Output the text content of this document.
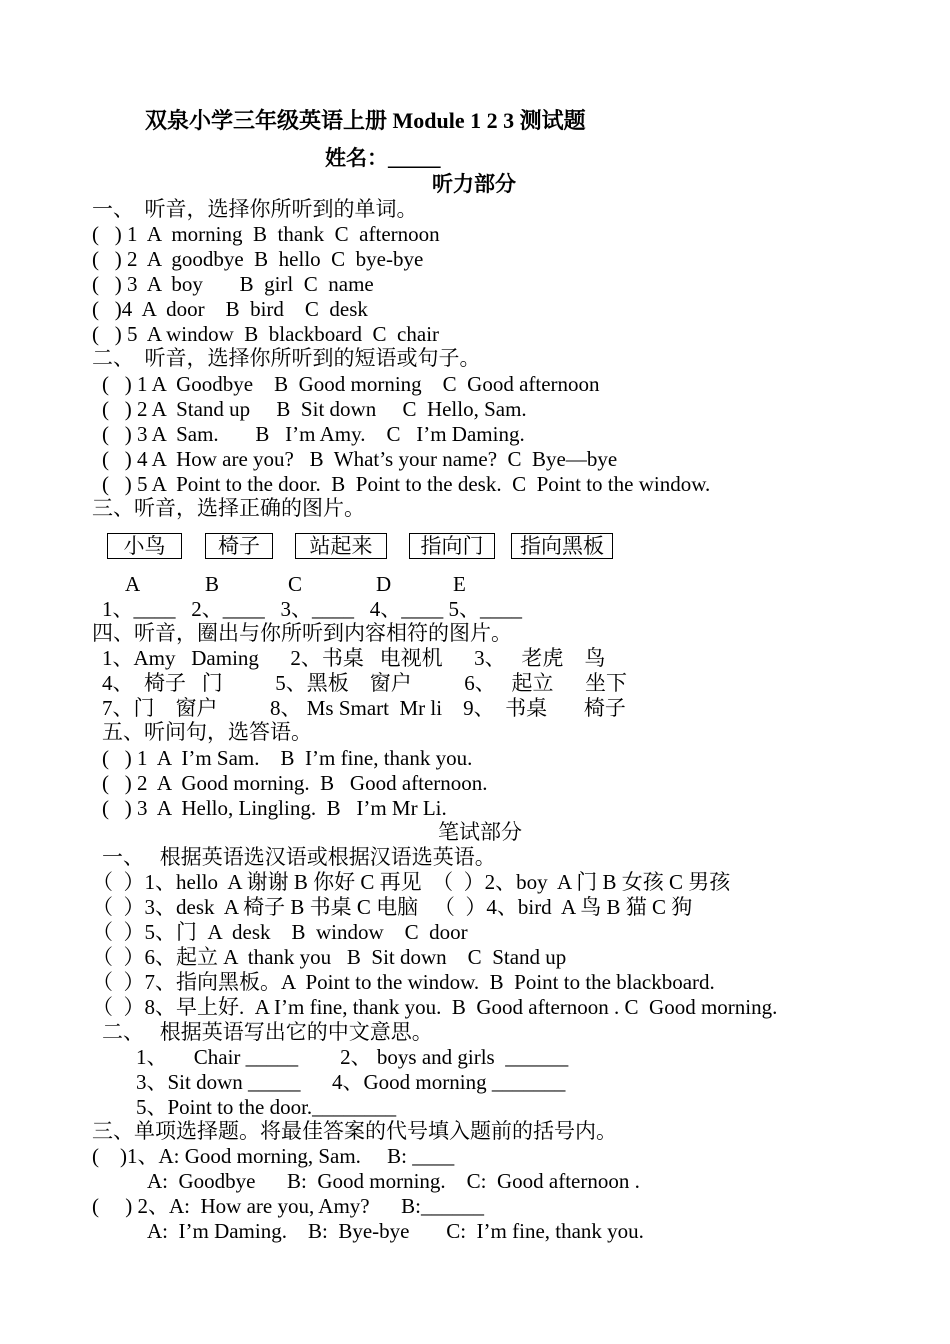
双泉小学三年级英语上册 Module 1 2 3 测试题
姓名：_____
听力部分
一、  听音，选择你所听到的单词。
(   ) 1  A  morning  B  thank  C  afternoon
(   ) 2  A  goodbye  B  hello  C  bye-bye
(   ) 3  A  boy       B  girl  C  name
(   )4  A  door    B  bird    C  desk
(   ) 5  A window  B  blackboard  C  chair
二、  听音，选择你所听到的短语或句子。
(   ) 1 A  Goodbye    B  Good morning    C  Good afternoon
(   ) 2 A  Stand up     B  Sit down     C  Hello, Sam.
(   ) 3 A  Sam.       B   I’m Amy.    C   I’m Daming.
(   ) 4 A  How are you?   B  What’s your name?  C  Bye—bye
(   ) 5 A  Point to the door.  B  Point to the desk.  C  Point to the window.
三、听音，选择正确的图片。
小鸟	椅子	站起来	指向门	指向黑板
A	B	C	D	E
1、____   2、____   3、____   4、____ 5、____
四、听音，圈出与你所听到内容相符的图片。
1、Amy   Daming      2、书桌   电视机      3、   老虎    鸟
4、  椅子   门          5、黑板    窗户          6、   起立      坐下
7、门    窗户          8、 Ms Smart  Mr li    9、  书桌       椅子
五、听问句，选答语。
(   ) 1  A  I’m Sam.    B  I’m fine, thank you.
(   ) 2  A  Good morning.  B   Good afternoon.
(   ) 3  A  Hello, Lingling.  B   I’m Mr Li.
笔试部分
一、   根据英语选汉语或根据汉语选英语。
（  ）1、hello  A 谢谢 B 你好 C 再见  （  ）2、boy  A 门 B 女孩 C 男孩
（  ）3、desk  A 椅子 B 书桌 C 电脑   （  ）4、bird  A 鸟 B 猫 C 狗
（  ）5、门  A  desk    B  window    C  door
（  ）6、起立 A  thank you   B  Sit down    C  Stand up
（  ）7、指向黑板。A  Point to the window.  B  Point to the blackboard.
（  ）8、早上好.  A I’m fine, thank you.  B  Good afternoon . C  Good morning.
二、   根据英语写出它的中文意思。
1、     Chair _____        2、 boys and girls  ______
3、Sit down _____      4、Good morning _______
5、Point to the door.________
三、单项选择题。将最佳答案的代号填入题前的括号内。
(    )1、A: Good morning, Sam.     B: ____
A:  Goodbye      B:  Good morning.    C:  Good afternoon .
(     ) 2、A:  How are you, Amy?      B:______
A:  I’m Daming.    B:  Bye-bye       C:  I’m fine, thank you.
